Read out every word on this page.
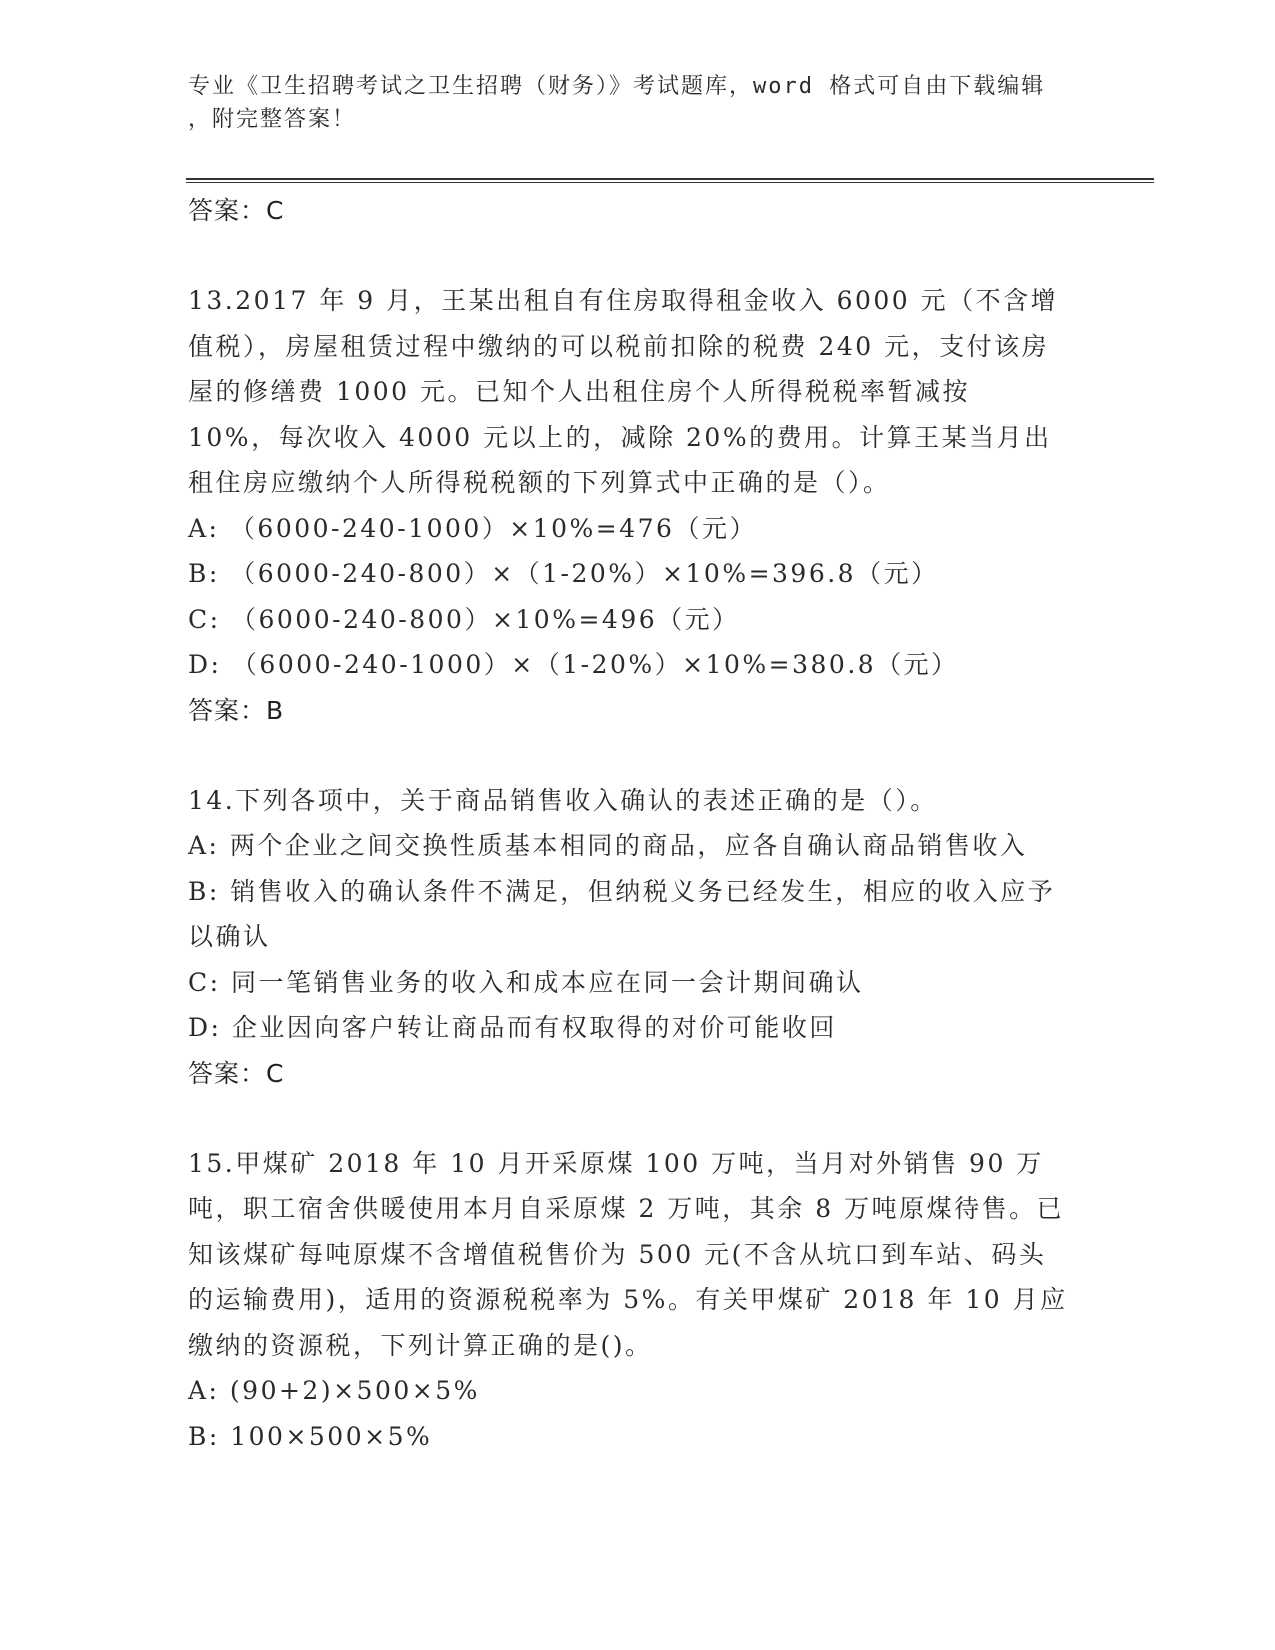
专业《卫生招聘考试之卫生招聘（财务）》考试题库，word 格式可自由下载编辑
，附完整答案！
答案：C

13.2017 年 9 月，王某出租自有住房取得租金收入 6000 元（不含增值税），房屋租赁过程中缴纳的可以税前扣除的税费 240 元，支付该房屋的修缮费 1000 元。已知个人出租住房个人所得税税率暂减按 10%，每次收入 4000 元以上的，减除 20%的费用。计算王某当月出租住房应缴纳个人所得税税额的下列算式中正确的是（）。

A: （6000-240-1000）×10%=476（元）

B: （6000-240-800）×（1-20%）×10%=396.8（元）

C: （6000-240-800）×10%=496（元）

D: （6000-240-1000）×（1-20%）×10%=380.8（元）

答案：B

14.下列各项中，关于商品销售收入确认的表述正确的是（）。

A: 两个企业之间交换性质基本相同的商品，应各自确认商品销售收入

B: 销售收入的确认条件不满足，但纳税义务已经发生，相应的收入应予以确认

C: 同一笔销售业务的收入和成本应在同一会计期间确认

D: 企业因向客户转让商品而有权取得的对价可能收回

答案：C

15.甲煤矿 2018 年 10 月开采原煤 100 万吨，当月对外销售 90 万吨，职工宿舍供暖使用本月自采原煤 2 万吨，其余 8 万吨原煤待售。已知该煤矿每吨原煤不含增值税售价为 500 元(不含从坑口到车站、码头的运输费用)，适用的资源税税率为 5%。有关甲煤矿 2018 年 10 月应缴纳的资源税，下列计算正确的是()。

A: (90+2)×500×5%

B: 100×500×5%
